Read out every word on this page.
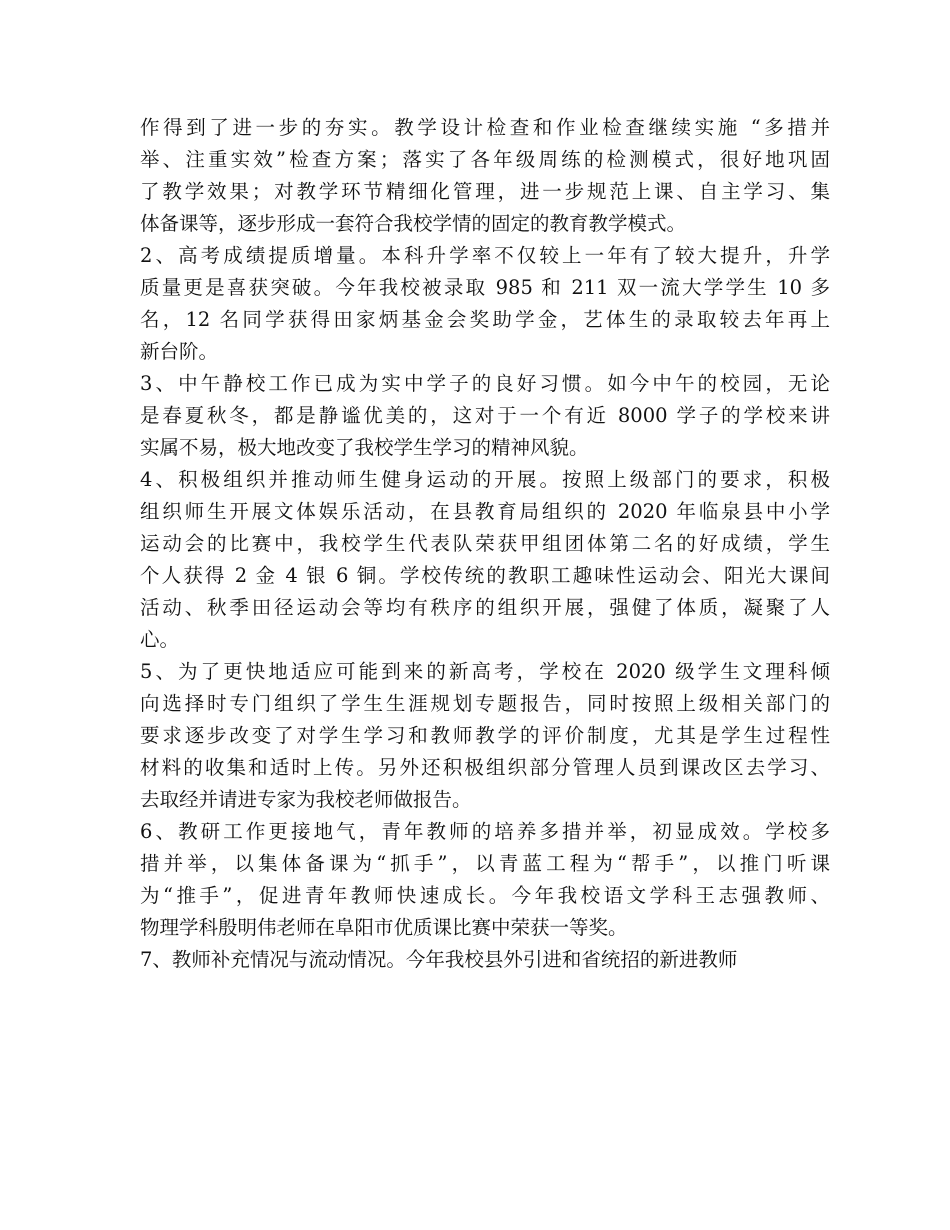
作得到了进一步的夯实。教学设计检查和作业检查继续实施 “多措并
举、注重实效”检查方案；落实了各年级周练的检测模式，很好地巩固
了教学效果；对教学环节精细化管理，进一步规范上课、自主学习、集
体备课等，逐步形成一套符合我校学情的固定的教育教学模式。
2、高考成绩提质增量。本科升学率不仅较上一年有了较大提升，升学
质量更是喜获突破。今年我校被录取 985 和 211 双一流大学学生 10 多
名，12 名同学获得田家炳基金会奖助学金，艺体生的录取较去年再上
新台阶。
3、中午静校工作已成为实中学子的良好习惯。如今中午的校园，无论
是春夏秋冬，都是静谧优美的，这对于一个有近 8000 学子的学校来讲
实属不易，极大地改变了我校学生学习的精神风貌。
4、积极组织并推动师生健身运动的开展。按照上级部门的要求，积极
组织师生开展文体娱乐活动，在县教育局组织的 2020 年临泉县中小学
运动会的比赛中，我校学生代表队荣获甲组团体第二名的好成绩，学生
个人获得 2 金 4 银 6 铜。学校传统的教职工趣味性运动会、阳光大课间
活动、秋季田径运动会等均有秩序的组织开展，强健了体质，凝聚了人
心。
5、为了更快地适应可能到来的新高考，学校在 2020 级学生文理科倾
向选择时专门组织了学生生涯规划专题报告，同时按照上级相关部门的
要求逐步改变了对学生学习和教师教学的评价制度，尤其是学生过程性
材料的收集和适时上传。另外还积极组织部分管理人员到课改区去学习、
去取经并请进专家为我校老师做报告。
6、教研工作更接地气，青年教师的培养多措并举，初显成效。学校多
措并举，以集体备课为“抓手”，以青蓝工程为“帮手”，以推门听课
为“推手”，促进青年教师快速成长。今年我校语文学科王志强教师、
物理学科殷明伟老师在阜阳市优质课比赛中荣获一等奖。
7、教师补充情况与流动情况。今年我校县外引进和省统招的新进教师
